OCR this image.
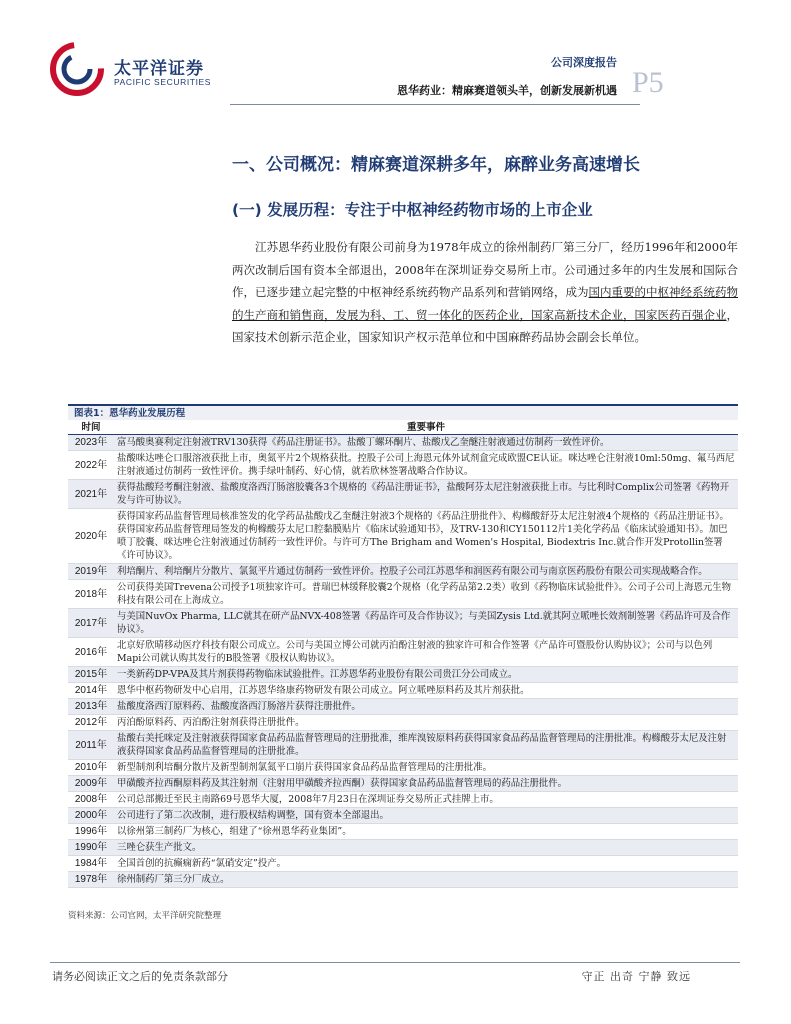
太平洋证券
PACIFIC SECURITIES
公司深度报告
恩华药业：精麻赛道领头羊，创新发展新机遇 P5
一、公司概况：精麻赛道深耕多年，麻醉业务高速增长
(一) 发展历程：专注于中枢神经药物市场的上市企业
江苏恩华药业股份有限公司前身为1978年成立的徐州制药厂第三分厂，经历1996年和2000年两次改制后国有资本全部退出，2008年在深圳证券交易所上市。公司通过多年的内生发展和国际合作，已逐步建立起完整的中枢神经系统药物产品系列和营销网络，成为国内重要的中枢神经系统药物的生产商和销售商，发展为科、工、贸一体化的医药企业，国家高新技术企业，国家医药百强企业，国家技术创新示范企业，国家知识产权示范单位和中国麻醉药品协会副会长单位。
图表1：恩华药业发展历程
时间	重要事件
2023年	富马酸奥赛利定注射液TRV130获得《药品注册证书》。盐酸丁螺环酮片、盐酸戊乙奎醚注射液通过仿制药一致性评价。
2022年	盐酸咪达唑仑口服溶液获批上市，奥氮平片2个规格获批。控股子公司上海恩元体外试剂盒完成欧盟CE认证。咪达唑仑注射液10ml:50mg、氟马西尼注射液通过仿制药一致性评价。携手绿叶制药、好心情，就若欣林签署战略合作协议。
2021年	获得盐酸羟考酮注射液、盐酸度洛西汀肠溶胶囊各3个规格的《药品注册证书》，盐酸阿芬太尼注射液获批上市。与比利时Complix公司签署《药物开发与许可协议》。
2020年	获得国家药品监督管理局核准签发的化学药品盐酸戊乙奎醚注射液3个规格的《药品注册批件》、构橼酸舒芬太尼注射液4个规格的《药品注册证书》。获得国家药品监督管理局签发的枸橼酸芬太尼口腔黏膜贴片《临床试验通知书》，及TRV-130和CY150112片1美化学药品《临床试验通知书》。加巴喷丁胶囊、咪达唑仑注射液通过仿制药一致性评价。与许可方The Brigham and Women's Hospital, Biodextris Inc.就合作开发Protollin签署《许可协议》。
2019年	利培酮片、利培酮片分散片、氯氮平片通过仿制药一致性评价。控股子公司江苏恩华和润医药有限公司与南京医药股份有限公司实现战略合作。
2018年	公司获得美国Trevena公司授予1项独家许可。普瑞巴林缓释胶囊2个规格（化学药品第2.2类）收到《药物临床试验批件》。公司子公司上海恩元生物科技有限公司在上海成立。
2017年	与美国NuvOx Pharma, LLC就其在研产品NVX-408签署《药品许可及合作协议》；与美国Zysis Ltd.就其阿立哌唑长效剂制签署《药品许可及合作协议》。
2016年	北京好欣晴移动医疗科技有限公司成立。公司与美国立博公司就丙泊酚注射液的独家许可和合作签署《产品许可暨股份认购协议》；公司与以色列Mapi公司就认购其发行的B股签署《股权认购协议》。
2015年	一类新药DP-VPA及其片剂获得药物临床试验批件。江苏恩华药业股份有限公司贵江分公司成立。
2014年	恩华中枢药物研发中心启用，江苏恩华络康药物研发有限公司成立。阿立哌唑原料药及其片剂获批。
2013年	盐酸度洛西汀原料药、盐酸度洛西汀肠溶片获得注册批件。
2012年	丙泊酚原料药、丙泊酚注射剂获得注册批件。
2011年	盐酸右美托咪定及注射液获得国家食品药品监督管理局的注册批准，维库溴铵原料药获得国家食品药品监督管理局的注册批准。构橼酸芬太尼及注射液获得国家食品药品监督管理局的注册批准。
2010年	新型制剂利培酮分散片及新型制剂氯氮平口崩片获得国家食品药品监督管理局的注册批准。
2009年	甲磺酸齐拉西酮原料药及其注射剂（注射用甲磺酸齐拉西酮）获得国家食品药品监督管理局的药品注册批件。
2008年	公司总部搬迁至民主南路69号恩华大厦，2008年7月23日在深圳证券交易所正式挂牌上市。
2000年	公司进行了第二次改制，进行股权结构调整，国有资本全部退出。
1996年	以徐州第三制药厂为核心，组建了“徐州恩华药业集团”。
1990年	三唑仑获生产批文。
1984年	全国首创的抗癫痫新药“氯硝安定”投产。
1978年	徐州制药厂第三分厂成立。
资料来源：公司官网，太平洋研究院整理
请务必阅读正文之后的免责条款部分	守正 出奇 宁静 致远
